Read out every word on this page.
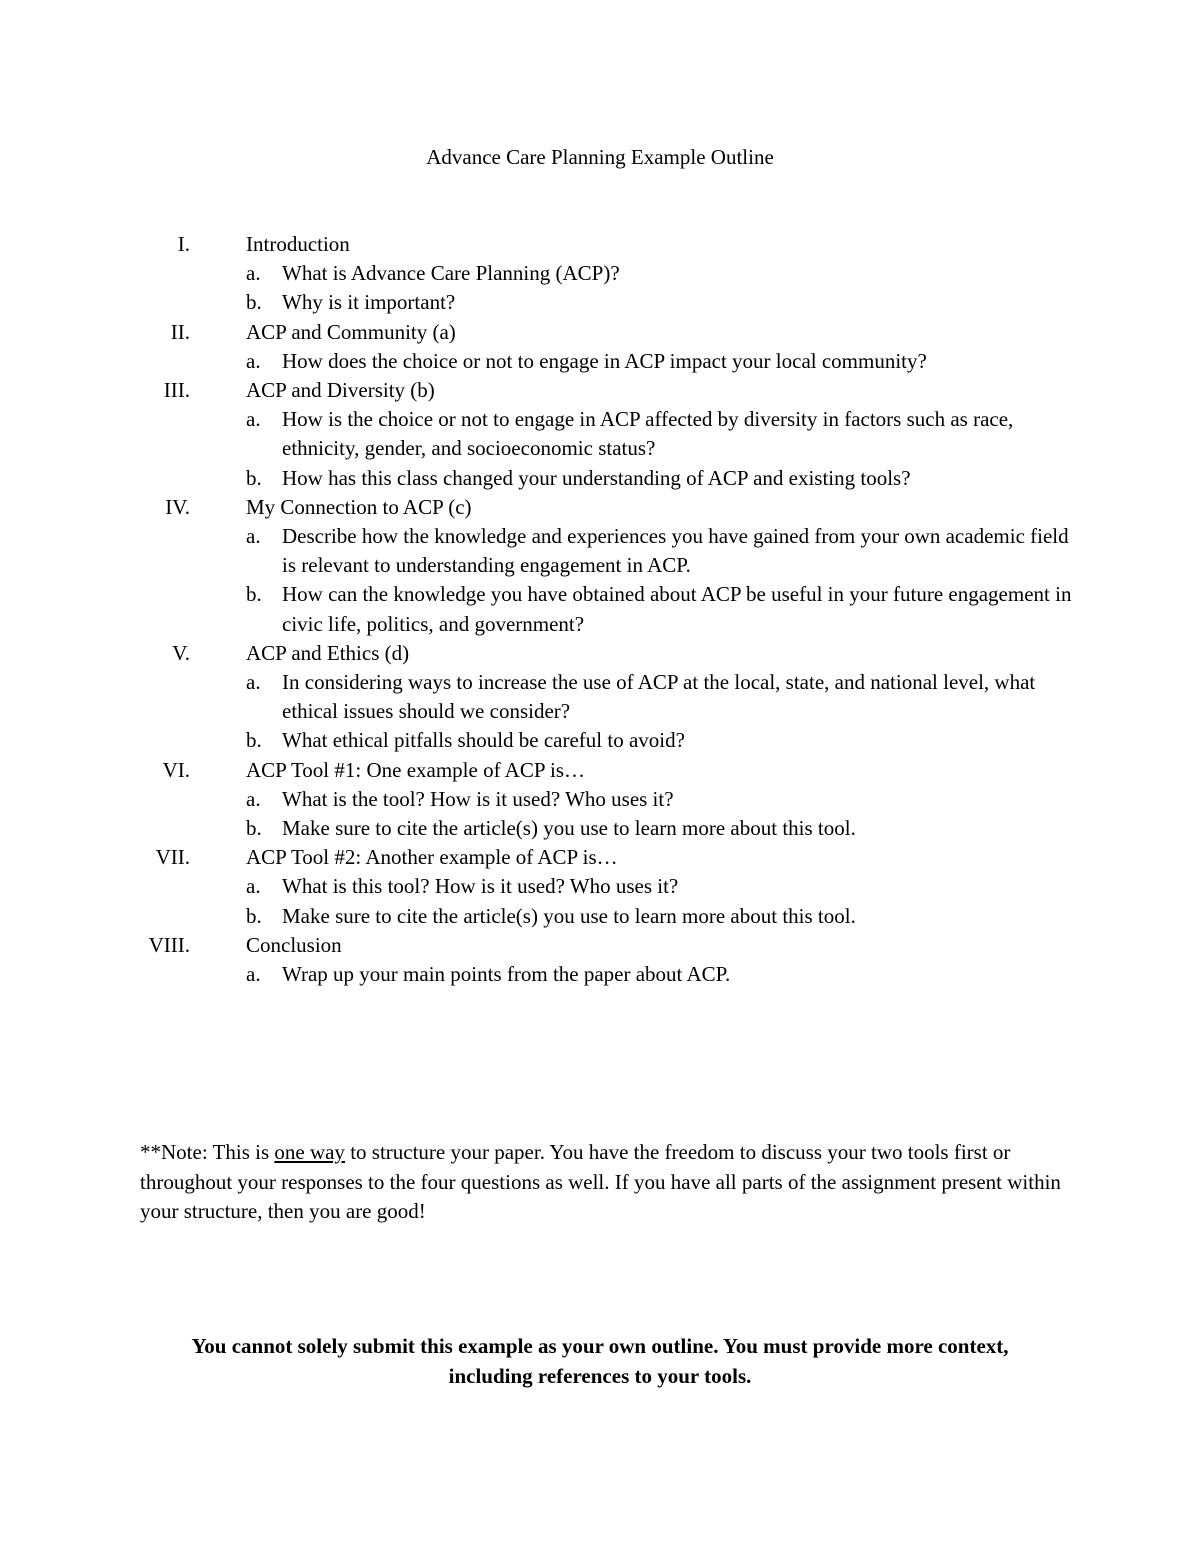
Advance Care Planning Example Outline
I.	Introduction
a. What is Advance Care Planning (ACP)?
b. Why is it important?
II.	ACP and Community (a)
a. How does the choice or not to engage in ACP impact your local community?
III.	ACP and Diversity (b)
a. How is the choice or not to engage in ACP affected by diversity in factors such as race, ethnicity, gender, and socioeconomic status?
b. How has this class changed your understanding of ACP and existing tools?
IV.	My Connection to ACP (c)
a. Describe how the knowledge and experiences you have gained from your own academic field is relevant to understanding engagement in ACP.
b. How can the knowledge you have obtained about ACP be useful in your future engagement in civic life, politics, and government?
V.	ACP and Ethics (d)
a. In considering ways to increase the use of ACP at the local, state, and national level, what ethical issues should we consider?
b. What ethical pitfalls should be careful to avoid?
VI.	ACP Tool #1: One example of ACP is…
a. What is the tool? How is it used? Who uses it?
b. Make sure to cite the article(s) you use to learn more about this tool.
VII.	ACP Tool #2: Another example of ACP is…
a. What is this tool? How is it used? Who uses it?
b. Make sure to cite the article(s) you use to learn more about this tool.
VIII.	Conclusion
a. Wrap up your main points from the paper about ACP.
**Note: This is one way to structure your paper. You have the freedom to discuss your two tools first or throughout your responses to the four questions as well. If you have all parts of the assignment present within your structure, then you are good!
You cannot solely submit this example as your own outline. You must provide more context, including references to your tools.
